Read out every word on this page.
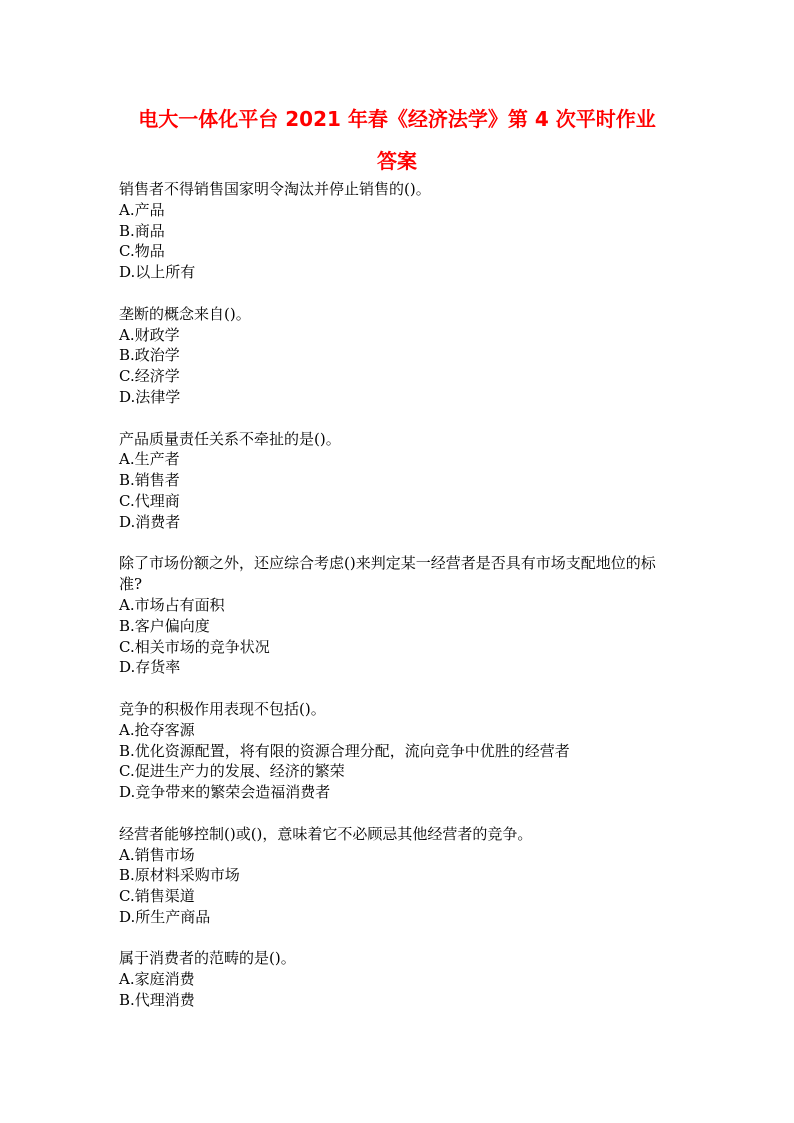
电大一体化平台 2021 年春《经济法学》第 4 次平时作业
答案

销售者不得销售国家明令淘汰并停止销售的()。

A.产品

B.商品

C.物品

D.以上所有

垄断的概念来自()。

A.财政学

B.政治学

C.经济学

D.法律学

产品质量责任关系不牵扯的是()。

A.生产者

B.销售者

C.代理商

D.消费者

除了市场份额之外，还应综合考虑()来判定某一经营者是否具有市场支配地位的标准?

A.市场占有面积

B.客户偏向度

C.相关市场的竞争状况

D.存货率

竞争的积极作用表现不包括()。

A.抢夺客源

B.优化资源配置，将有限的资源合理分配，流向竞争中优胜的经营者

C.促进生产力的发展、经济的繁荣

D.竞争带来的繁荣会造福消费者

经营者能够控制()或()，意味着它不必顾忌其他经营者的竞争。

A.销售市场

B.原材料采购市场

C.销售渠道

D.所生产商品

属于消费者的范畴的是()。

A.家庭消费

B.代理消费
